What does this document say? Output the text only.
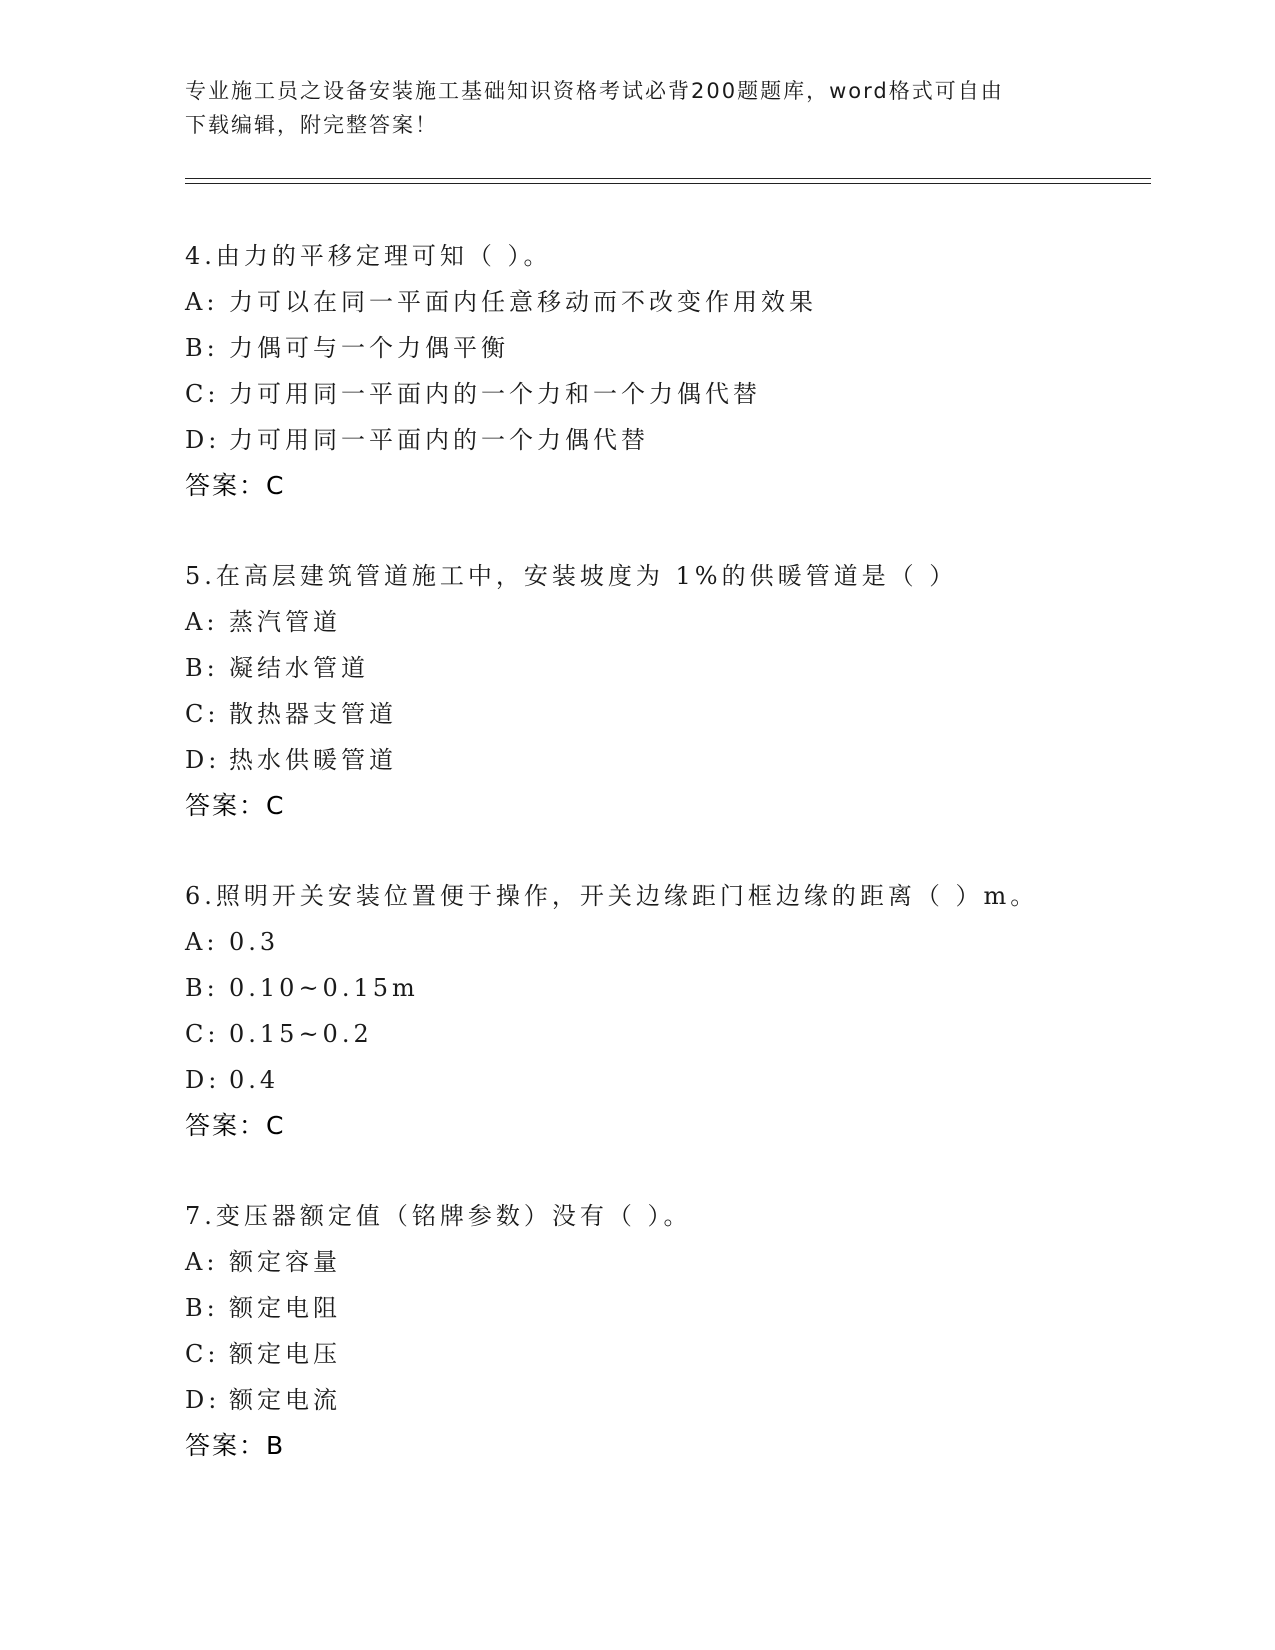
专业施工员之设备安装施工基础知识资格考试必背200题题库，word格式可自由
下载编辑，附完整答案！
4.由力的平移定理可知（ ）。
A: 力可以在同一平面内任意移动而不改变作用效果
B: 力偶可与一个力偶平衡
C: 力可用同一平面内的一个力和一个力偶代替
D: 力可用同一平面内的一个力偶代替
答案：C
5.在高层建筑管道施工中，安装坡度为 1%的供暖管道是（ ）
A: 蒸汽管道
B: 凝结水管道
C: 散热器支管道
D: 热水供暖管道
答案：C
6.照明开关安装位置便于操作，开关边缘距门框边缘的距离（ ）m。
A: 0.3
B: 0.10~0.15m
C: 0.15~0.2
D: 0.4
答案：C
7.变压器额定值（铭牌参数）没有（ ）。
A: 额定容量
B: 额定电阻
C: 额定电压
D: 额定电流
答案：B
